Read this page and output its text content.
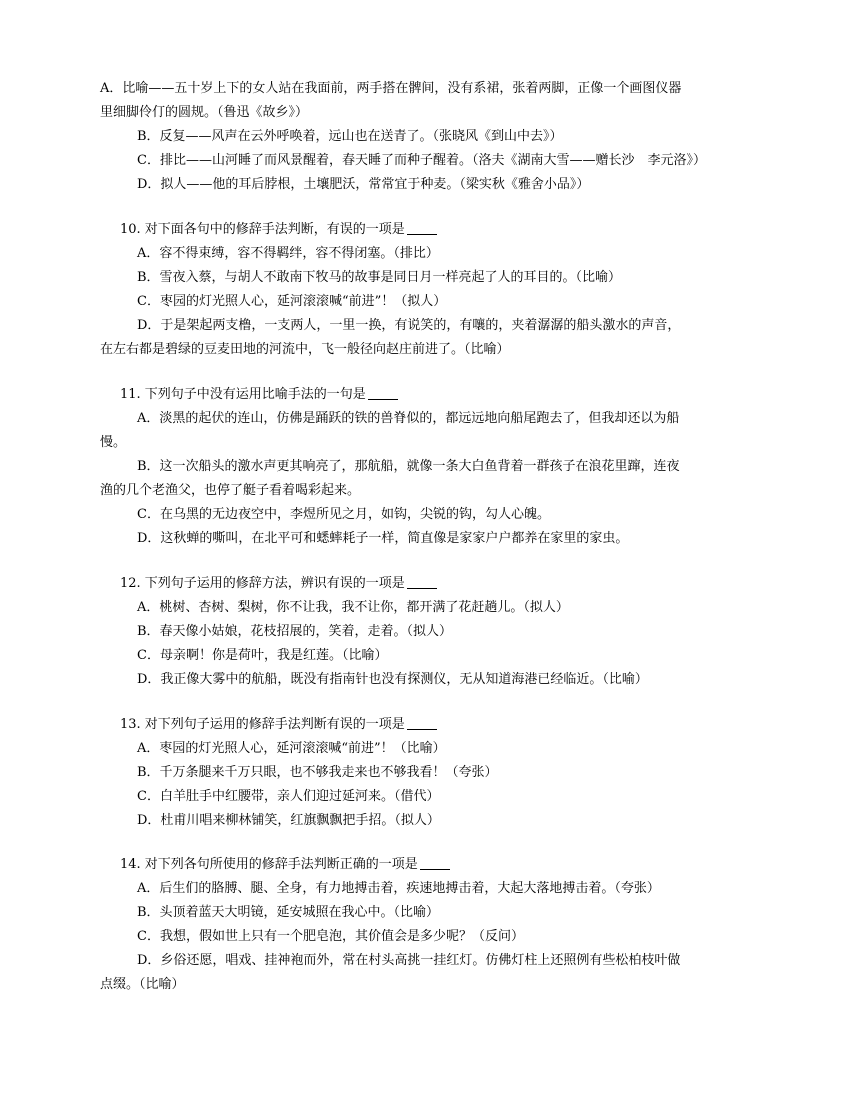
A．比喻——五十岁上下的女人站在我面前，两手搭在髀间，没有系裙，张着两脚，正像一个画图仪器
里细脚伶仃的圆规。（鲁迅《故乡》）
B．反复——风声在云外呼唤着，远山也在送青了。（张晓风《到山中去》）
C．排比——山河睡了而风景醒着，春天睡了而种子醒着。（洛夫《湖南大雪——赠长沙　李元洛》）
D．拟人——他的耳后脖根，土壤肥沃，常常宜于种麦。（梁实秋《雅舍小品》）
10. 对下面各句中的修辞手法判断，有误的一项是
A．容不得束缚，容不得羁绊，容不得闭塞。（排比）
B．雪夜入蔡，与胡人不敢南下牧马的故事是同日月一样亮起了人的耳目的。（比喻）
C．枣园的灯光照人心，延河滚滚喊“前进”！（拟人）
D．于是架起两支橹，一支两人，一里一换，有说笑的，有嚷的，夹着潺潺的船头激水的声音，
在左右都是碧绿的豆麦田地的河流中，飞一般径向赵庄前进了。（比喻）
11. 下列句子中没有运用比喻手法的一句是
A．淡黑的起伏的连山，仿佛是踊跃的铁的兽脊似的，都远远地向船尾跑去了，但我却还以为船
慢。
B．这一次船头的激水声更其响亮了，那航船，就像一条大白鱼背着一群孩子在浪花里蹿，连夜
渔的几个老渔父，也停了艇子看着喝彩起来。
C．在乌黑的无边夜空中，李煜所见之月，如钩，尖锐的钩，勾人心魄。
D．这秋蝉的嘶叫，在北平可和蟋蟀耗子一样，简直像是家家户户都养在家里的家虫。
12. 下列句子运用的修辞方法，辨识有误的一项是
A．桃树、杏树、梨树，你不让我，我不让你，都开满了花赶趟儿。（拟人）
B．春天像小姑娘，花枝招展的，笑着，走着。（拟人）
C．母亲啊！你是荷叶，我是红莲。（比喻）
D．我正像大雾中的航船，既没有指南针也没有探测仪，无从知道海港已经临近。（比喻）
13. 对下列句子运用的修辞手法判断有误的一项是
A．枣园的灯光照人心，延河滚滚喊“前进”！（比喻）
B．千万条腿来千万只眼，也不够我走来也不够我看！（夸张）
C．白羊肚手中红腰带，亲人们迎过延河来。（借代）
D．杜甫川唱来柳林铺笑，红旗飘飘把手招。（拟人）
14. 对下列各句所使用的修辞手法判断正确的一项是
A．后生们的胳膊、腿、全身，有力地搏击着，疾速地搏击着，大起大落地搏击着。（夸张）
B．头顶着蓝天大明镜，延安城照在我心中。（比喻）
C．我想，假如世上只有一个肥皂泡，其价值会是多少呢？（反问）
D．乡俗还愿，唱戏、挂神袍而外，常在村头高挑一挂红灯。仿佛灯柱上还照例有些松柏枝叶做
点缀。（比喻）
